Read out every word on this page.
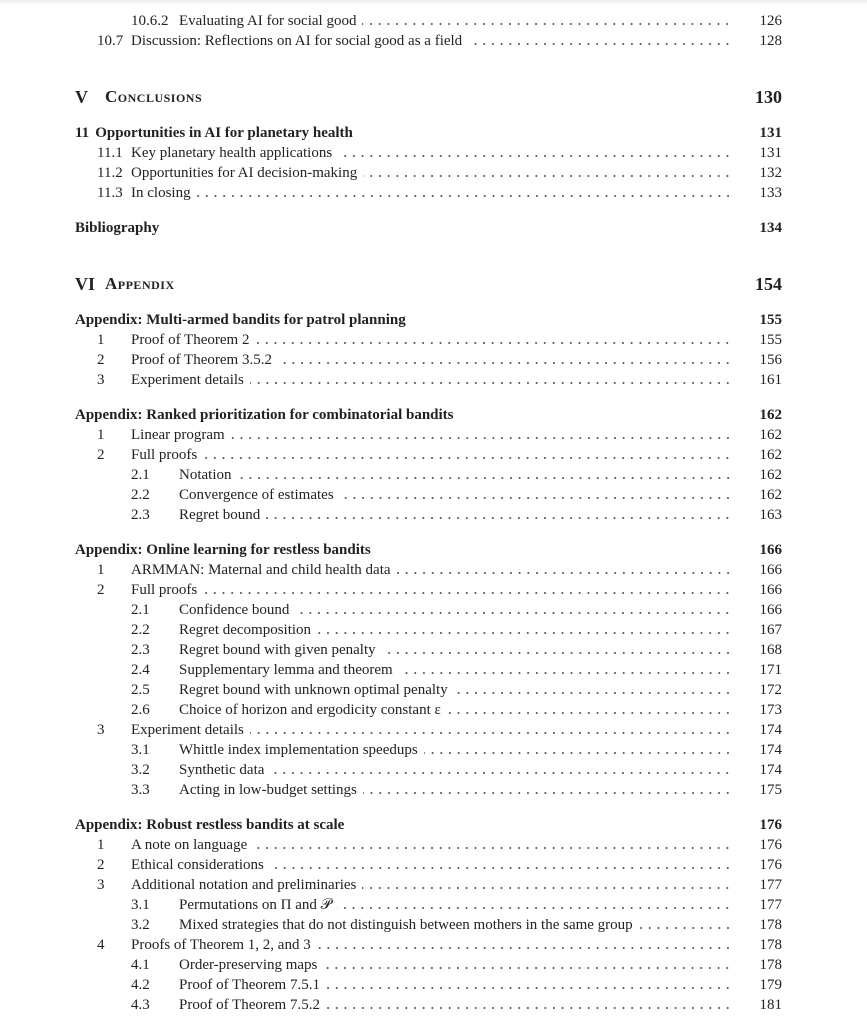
10.6.2 Evaluating AI for social good	126
10.7 Discussion: Reflections on AI for social good as a field	128
V	Conclusions	130
11 Opportunities in AI for planetary health	131
11.1 Key planetary health applications	131
11.2 Opportunities for AI decision-making	132
11.3 In closing	133
Bibliography	134
VI Appendix	154
Appendix: Multi-armed bandits for patrol planning	155
1	Proof of Theorem 2	155
2	Proof of Theorem 3.5.2	156
3	Experiment details	161
Appendix: Ranked prioritization for combinatorial bandits	162
1	Linear program	162
2	Full proofs	162
2.1	Notation	162
2.2	Convergence of estimates	162
2.3	Regret bound	163
Appendix: Online learning for restless bandits	166
1	ARMMAN: Maternal and child health data	166
2	Full proofs	166
2.1	Confidence bound	166
2.2	Regret decomposition	167
2.3	Regret bound with given penalty	168
2.4	Supplementary lemma and theorem	171
2.5	Regret bound with unknown optimal penalty	172
2.6	Choice of horizon and ergodicity constant ε	173
3	Experiment details	174
3.1	Whittle index implementation speedups	174
3.2	Synthetic data	174
3.3	Acting in low-budget settings	175
Appendix: Robust restless bandits at scale	176
1	A note on language	176
2	Ethical considerations	176
3	Additional notation and preliminaries	177
3.1	Permutations on Π and 𝒫	177
3.2	Mixed strategies that do not distinguish between mothers in the same group	178
4	Proofs of Theorem 1, 2, and 3	178
4.1	Order-preserving maps	178
4.2	Proof of Theorem 7.5.1	179
4.3	Proof of Theorem 7.5.2	181
